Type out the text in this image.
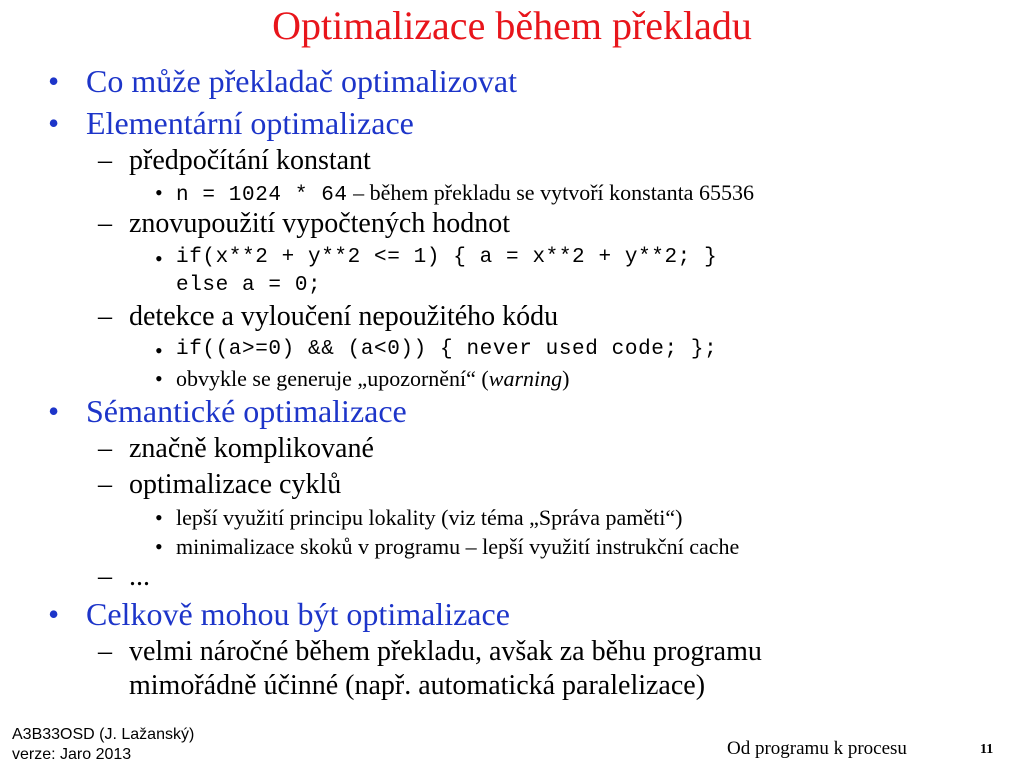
Optimalizace během překladu
• Co může překladač optimalizovat
• Elementární optimalizace
– předpočítání konstant
• n = 1024 * 64 – během překladu se vytvoří konstanta 65536
– znovupoužití vypočtených hodnot
• if(x**2 + y**2 <= 1) { a = x**2 + y**2; }
else a = 0;
– detekce a vyloučení nepoužitého kódu
• if((a>=0) && (a<0)) { never used code; };
• obvykle se generuje „upozornění“ (warning)
• Sémantické optimalizace
– značně komplikované
– optimalizace cyklů
• lepší využití principu lokality (viz téma „Správa paměti“)
• minimalizace skoků v programu – lepší využití instrukční cache
– ...
• Celkově mohou být optimalizace
– velmi náročné během překladu, avšak za běhu programu
mimořádně účinné (např. automatická paralelizace)
A3B33OSD (J. Lažanský)
verze: Jaro 2013	Od programu k procesu	11
